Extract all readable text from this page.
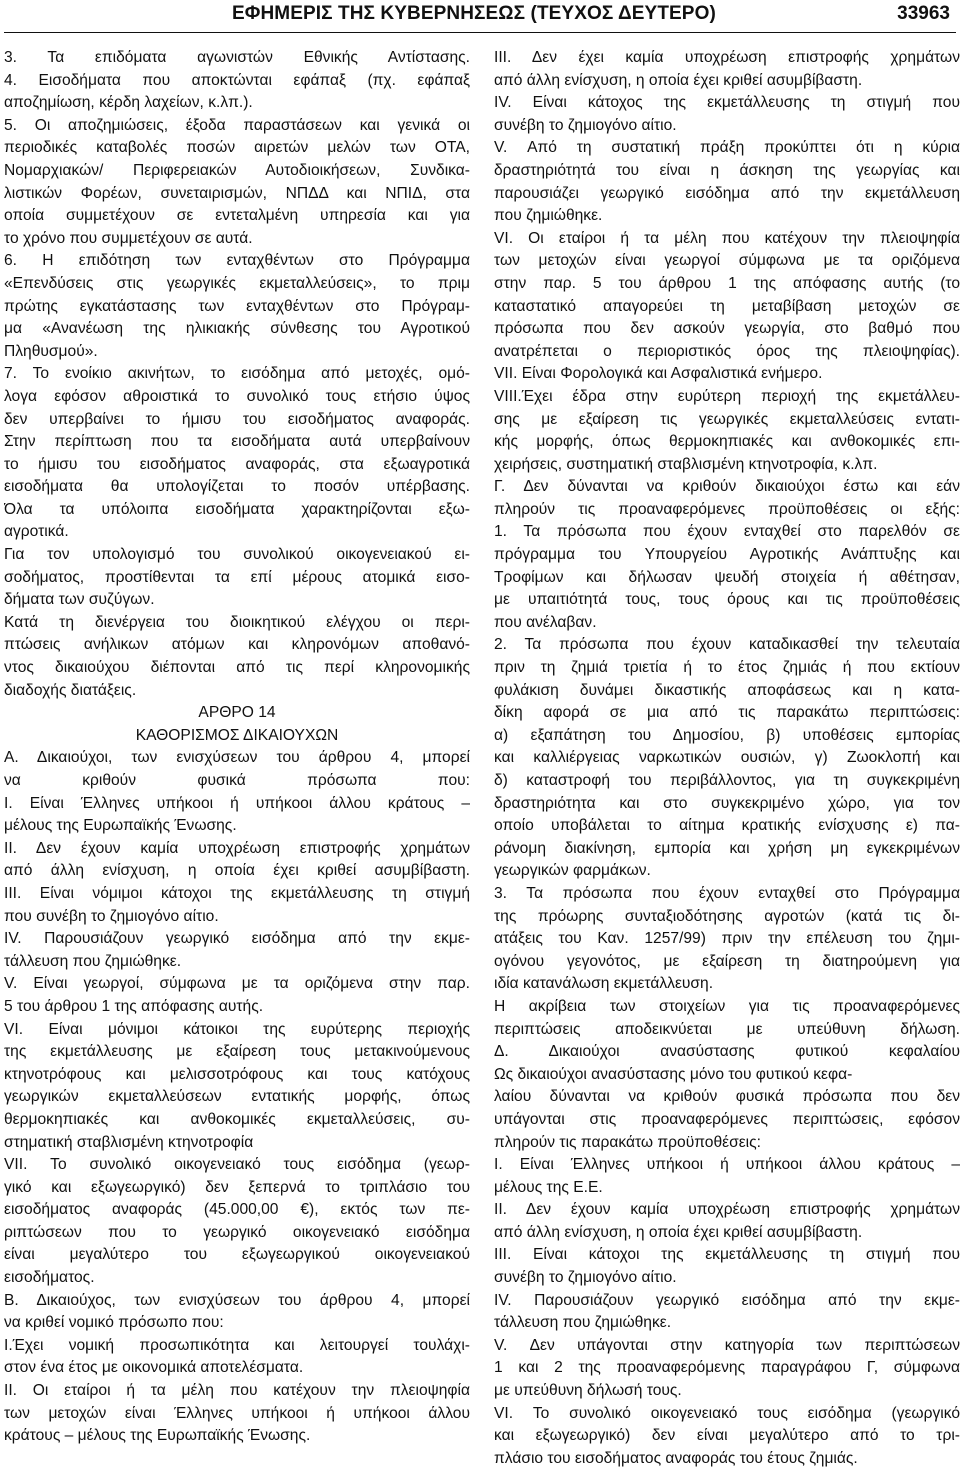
ΕΦΗΜΕΡΙΣ ΤΗΣ ΚΥΒΕΡΝΗΣΕΩΣ (ΤΕΥΧΟΣ ΔΕΥΤΕΡΟ)	33963
3. Τα επιδόματα αγωνιστών Εθνικής Αντίστασης.
4. Εισοδήματα που αποκτώνται εφάπαξ (πχ. εφάπαξ
αποζημίωση, κέρδη λαχείων, κ.λπ.).
5. Οι αποζημιώσεις, έξοδα παραστάσεων και γενικά οι
περιοδικές καταβολές ποσών αιρετών μελών των ΟΤΑ,
Νομαρχιακών/ Περιφερειακών Αυτοδιοικήσεων, Συνδικα-
λιστικών Φορέων, συνεταιρισμών, ΝΠΔΔ και ΝΠΙΔ, στα
οποία συμμετέχουν σε εντεταλμένη υπηρεσία και για
το χρόνο που συμμετέχουν σε αυτά.
6. Η επιδότηση των ενταχθέντων στο Πρόγραμμα
«Επενδύσεις στις γεωργικές εκμεταλλεύσεις», το πριμ
πρώτης εγκατάστασης των ενταχθέντων στο Πρόγραμ-
μα «Ανανέωση της ηλικιακής σύνθεσης του Αγροτικού
Πληθυσμού».
7. Το ενοίκιο ακινήτων, το εισόδημα από μετοχές, ομό-
λογα εφόσον αθροιστικά το συνολικό τους ετήσιο ύψος
δεν υπερβαίνει το ήμισυ του εισοδήματος αναφοράς.
Στην περίπτωση που τα εισοδήματα αυτά υπερβαίνουν
το ήμισυ του εισοδήματος αναφοράς, στα εξωαγροτικά
εισοδήματα θα υπολογίζεται το ποσόν υπέρβασης.
Όλα τα υπόλοιπα εισοδήματα χαρακτηρίζονται εξω-
αγροτικά.
Για τον υπολογισμό του συνολικού οικογενειακού ει-
σοδήματος, προστίθενται τα επί μέρους ατομικά εισο-
δήματα των συζύγων.
Κατά τη διενέργεια του διοικητικού ελέγχου οι περι-
πτώσεις ανήλικων ατόμων και κληρονόμων αποθανό-
ντος δικαιούχου διέπονται από τις περί κληρονομικής
διαδοχής διατάξεις.
ΑΡΘΡΟ 14
ΚΑΘΟΡΙΣΜΟΣ ΔΙΚΑΙΟΥΧΩΝ
Α. Δικαιούχοι, των ενισχύσεων του άρθρου 4, μπορεί
να κριθούν φυσικά πρόσωπα που:
Ι. Είναι Έλληνες υπήκοοι ή υπήκοοι άλλου κράτους –
μέλους της Ευρωπαϊκής Ένωσης.
ΙΙ. Δεν έχουν καμία υποχρέωση επιστροφής χρημάτων
από άλλη ενίσχυση, η οποία έχει κριθεί ασυμβίβαστη.
ΙΙΙ. Είναι νόμιμοι κάτοχοι της εκμετάλλευσης τη στιγμή
που συνέβη το ζημιογόνο αίτιο.
IV. Παρουσιάζουν γεωργικό εισόδημα από την εκμε-
τάλλευση που ζημιώθηκε.
V. Είναι γεωργοί, σύμφωνα με τα οριζόμενα στην παρ.
5 του άρθρου 1 της απόφασης αυτής.
VI. Είναι μόνιμοι κάτοικοι της ευρύτερης περιοχής
της εκμετάλλευσης με εξαίρεση τους μετακινούμενους
κτηνοτρόφους και μελισσοτρόφους και τους κατόχους
γεωργικών εκμεταλλεύσεων εντατικής μορφής, όπως
θερμοκηπιακές και ανθοκομικές εκμεταλλεύσεις, συ-
στηματική σταβλισμένη κτηνοτροφία
VII. Το συνολικό οικογενειακό τους εισόδημα (γεωρ-
γικό και εξωγεωργικό) δεν ξεπερνά το τριπλάσιο του
εισοδήματος αναφοράς (45.000,00 €), εκτός των πε-
ριπτώσεων που το γεωργικό οικογενειακό εισόδημα
είναι μεγαλύτερο του εξωγεωργικού οικογενειακού
εισοδήματος.
Β. Δικαιούχος, των ενισχύσεων του άρθρου 4, μπορεί
να κριθεί νομικό πρόσωπο που:
Ι.Έχει νομική προσωπικότητα και λειτουργεί τουλάχι-
στον ένα έτος με οικονομικά αποτελέσματα.
ΙΙ. Οι εταίροι ή τα μέλη που κατέχουν την πλειοψηφία
των μετοχών είναι Έλληνες υπήκοοι ή υπήκοοι άλλου
κράτους – μέλους της Ευρωπαϊκής Ένωσης.
ΙΙΙ. Δεν έχει καμία υποχρέωση επιστροφής χρημάτων
από άλλη ενίσχυση, η οποία έχει κριθεί ασυμβίβαστη.
IV. Είναι κάτοχος της εκμετάλλευσης τη στιγμή που
συνέβη το ζημιογόνο αίτιο.
V. Από τη συστατική πράξη προκύπτει ότι η κύρια
δραστηριότητά του είναι η άσκηση της γεωργίας και
παρουσιάζει γεωργικό εισόδημα από την εκμετάλλευση
που ζημιώθηκε.
VI. Οι εταίροι ή τα μέλη που κατέχουν την πλειοψηφία
των μετοχών είναι γεωργοί σύμφωνα με τα οριζόμενα
στην παρ. 5 του άρθρου 1 της απόφασης αυτής (το
καταστατικό απαγορεύει τη μεταβίβαση μετοχών σε
πρόσωπα που δεν ασκούν γεωργία, στο βαθμό που
ανατρέπεται ο περιοριστικός όρος της πλειοψηφίας).
VII. Είναι Φορολογικά και Ασφαλιστικά ενήμερο.
VIII.Έχει έδρα στην ευρύτερη περιοχή της εκμετάλλευ-
σης με εξαίρεση τις γεωργικές εκμεταλλεύσεις εντατι-
κής μορφής, όπως θερμοκηπιακές και ανθοκομικές επι-
χειρήσεις, συστηματική σταβλισμένη κτηνοτροφία, κ.λπ.
Γ. Δεν δύνανται να κριθούν δικαιούχοι έστω και εάν
πληρούν τις προαναφερόμενες προϋποθέσεις οι εξής:
1. Τα πρόσωπα που έχουν ενταχθεί στο παρελθόν σε
πρόγραμμα του Υπουργείου Αγροτικής Ανάπτυξης και
Τροφίμων και δήλωσαν ψευδή στοιχεία ή αθέτησαν,
με υπαιτιότητά τους, τους όρους και τις προϋποθέσεις
που ανέλαβαν.
2. Τα πρόσωπα που έχουν καταδικασθεί την τελευταία
πριν τη ζημιά τριετία ή το έτος ζημιάς ή που εκτίουν
φυλάκιση δυνάμει δικαστικής αποφάσεως και η κατα-
δίκη αφορά σε μια από τις παρακάτω περιπτώσεις:
α) εξαπάτηση του Δημοσίου, β) υποθέσεις εμπορίας
και καλλιέργειας ναρκωτικών ουσιών, γ) Ζωοκλοπή και
δ) καταστροφή του περιβάλλοντος, για τη συγκεκριμένη
δραστηριότητα και στο συγκεκριμένο χώρο, για τον
οποίο υποβάλεται το αίτημα κρατικής ενίσχυσης ε) πα-
ράνομη διακίνηση, εμπορία και χρήση μη εγκεκριμένων
γεωργικών φαρμάκων.
3. Τα πρόσωπα που έχουν ενταχθεί στο Πρόγραμμα
της πρόωρης συνταξιοδότησης αγροτών (κατά τις δι-
ατάξεις του Καν. 1257/99) πριν την επέλευση του ζημι-
ογόνου γεγονότος, με εξαίρεση τη διατηρούμενη για
ιδία κατανάλωση εκμετάλλευση.
Η ακρίβεια των στοιχείων για τις προαναφερόμενες
περιπτώσεις αποδεικνύεται με υπεύθυνη δήλωση.
Δ. Δικαιούχοι ανασύστασης φυτικού κεφαλαίου
Ως δικαιούχοι ανασύστασης μόνο του φυτικού κεφα-
λαίου δύνανται να κριθούν φυσικά πρόσωπα που δεν
υπάγονται στις προαναφερόμενες περιπτώσεις, εφόσον
πληρούν τις παρακάτω προϋποθέσεις:
Ι. Είναι Έλληνες υπήκοοι ή υπήκοοι άλλου κράτους –
μέλους της Ε.Ε.
ΙΙ. Δεν έχουν καμία υποχρέωση επιστροφής χρημάτων
από άλλη ενίσχυση, η οποία έχει κριθεί ασυμβίβαστη.
ΙΙΙ. Είναι κάτοχοι της εκμετάλλευσης τη στιγμή που
συνέβη το ζημιογόνο αίτιο.
IV. Παρουσιάζουν γεωργικό εισόδημα από την εκμε-
τάλλευση που ζημιώθηκε.
V. Δεν υπάγονται στην κατηγορία των περιπτώσεων
1 και 2 της προαναφερόμενης παραγράφου Γ, σύμφωνα
με υπεύθυνη δήλωσή τους.
VI. Το συνολικό οικογενειακό τους εισόδημα (γεωργικό
και εξωγεωργικό) δεν είναι μεγαλύτερο από το τρι-
πλάσιο του εισοδήματος αναφοράς του έτους ζημιάς.
